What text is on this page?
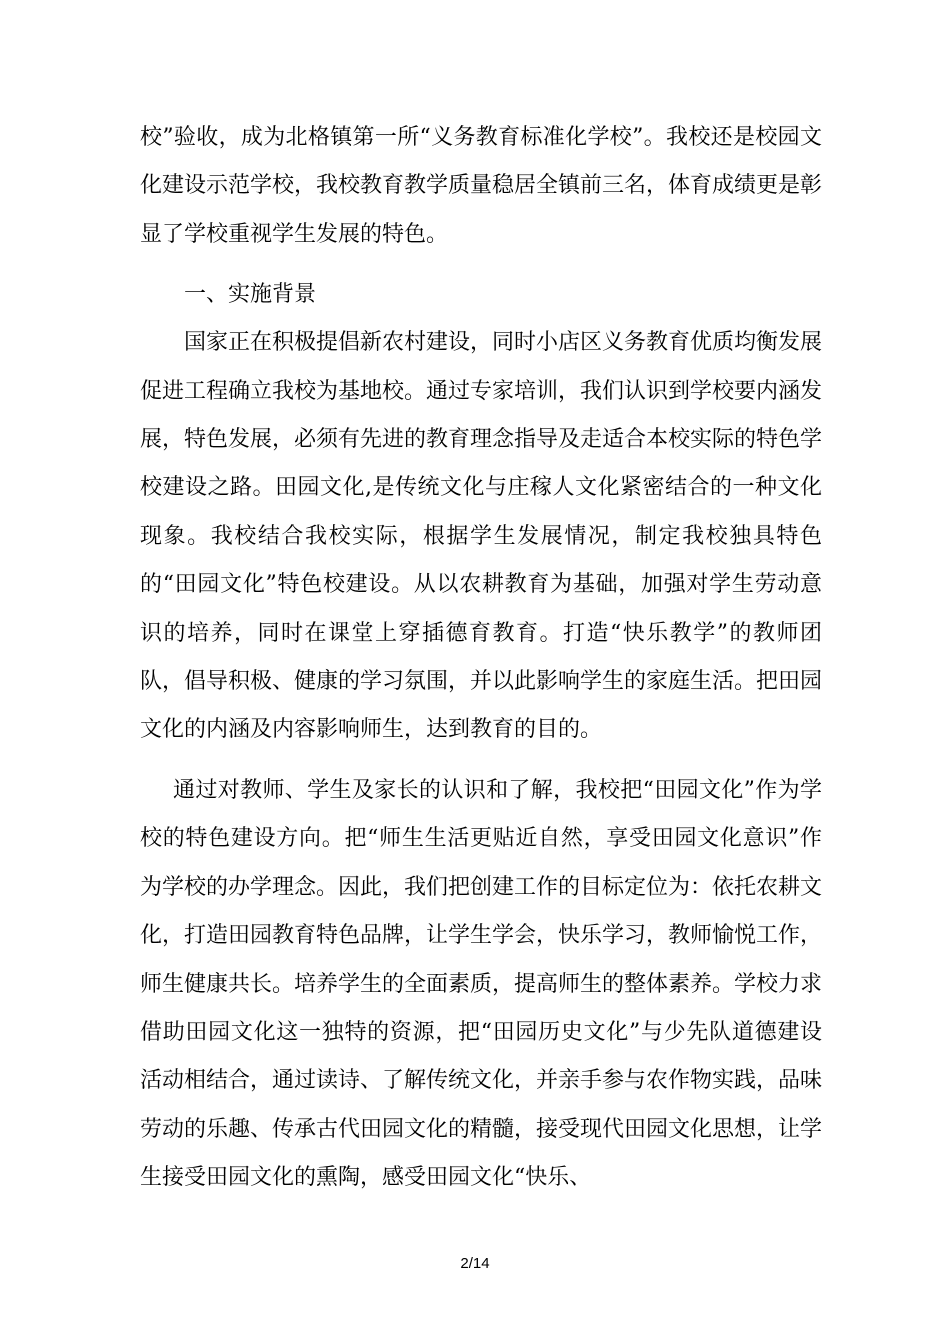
校”验收，成为北格镇第一所“义务教育标准化学校”。我校还是校园文化建设示范学校，我校教育教学质量稳居全镇前三名，体育成绩更是彰显了学校重视学生发展的特色。

一、实施背景

国家正在积极提倡新农村建设，同时小店区义务教育优质均衡发展促进工程确立我校为基地校。通过专家培训，我们认识到学校要内涵发展，特色发展，必须有先进的教育理念指导及走适合本校实际的特色学校建设之路。田园文化,是传统文化与庄稼人文化紧密结合的一种文化现象。我校结合我校实际，根据学生发展情况，制定我校独具特色的“田园文化”特色校建设。从以农耕教育为基础，加强对学生劳动意识的培养，同时在课堂上穿插德育教育。打造“快乐教学”的教师团队，倡导积极、健康的学习氛围，并以此影响学生的家庭生活。把田园文化的内涵及内容影响师生，达到教育的目的。

通过对教师、学生及家长的认识和了解，我校把“田园文化”作为学校的特色建设方向。把“师生生活更贴近自然，享受田园文化意识”作为学校的办学理念。因此，我们把创建工作的目标定位为：依托农耕文化，打造田园教育特色品牌，让学生学会，快乐学习，教师愉悦工作，师生健康共长。培养学生的全面素质，提高师生的整体素养。学校力求借助田园文化这一独特的资源，把“田园历史文化”与少先队道德建设活动相结合，通过读诗、了解传统文化，并亲手参与农作物实践，品味劳动的乐趣、传承古代田园文化的精髓，接受现代田园文化思想，让学生接受田园文化的熏陶，感受田园文化“快乐、

2/14
